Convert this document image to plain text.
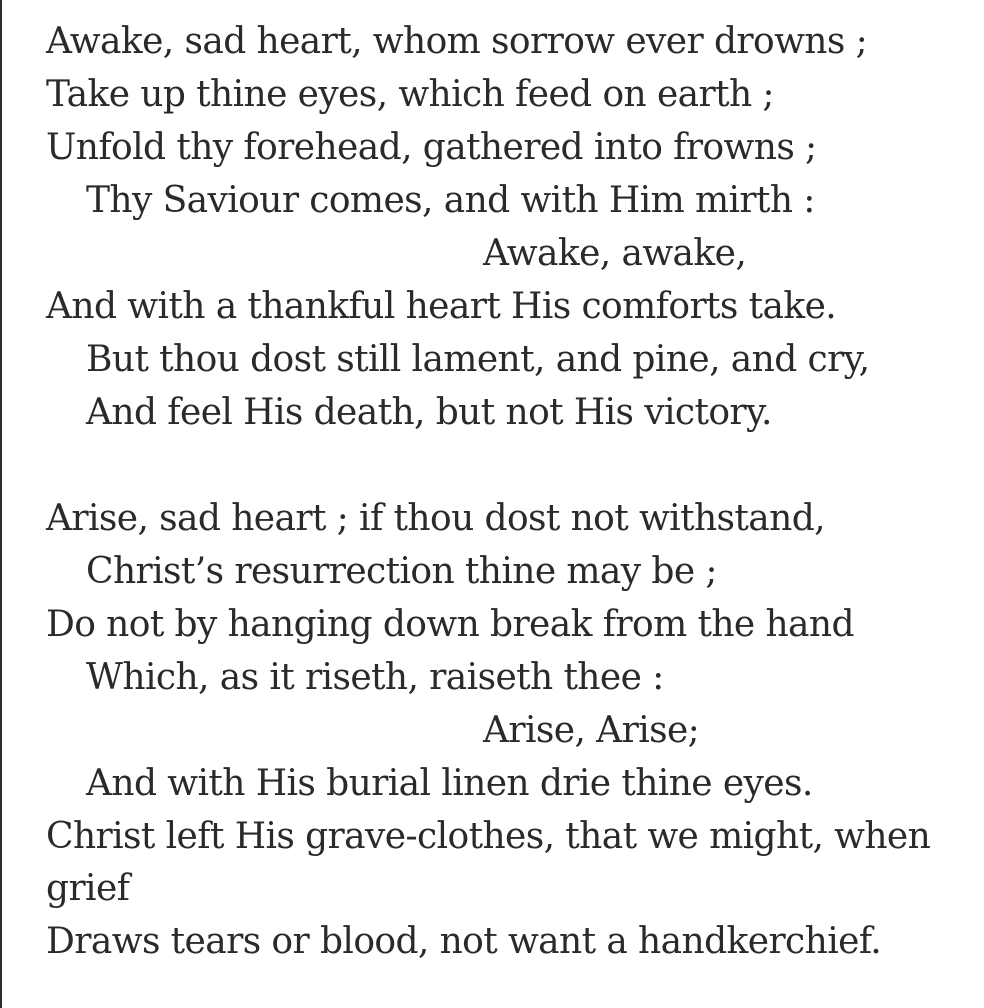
Awake, sad heart, whom sorrow ever drowns ;
Take up thine eyes, which feed on earth ;
Unfold thy forehead, gathered into frowns ;
Thy Saviour comes, and with Him mirth :
Awake, awake,
And with a thankful heart His comforts take.
But thou dost still lament, and pine, and cry,
And feel His death, but not His victory.
Arise, sad heart ; if thou dost not withstand,
Christ’s resurrection thine may be ;
Do not by hanging down break from the hand
Which, as it riseth, raiseth thee :
Arise, Arise;
And with His burial linen drie thine eyes.
Christ left His grave-clothes, that we might, when
grief
Draws tears or blood, not want a handkerchief.
